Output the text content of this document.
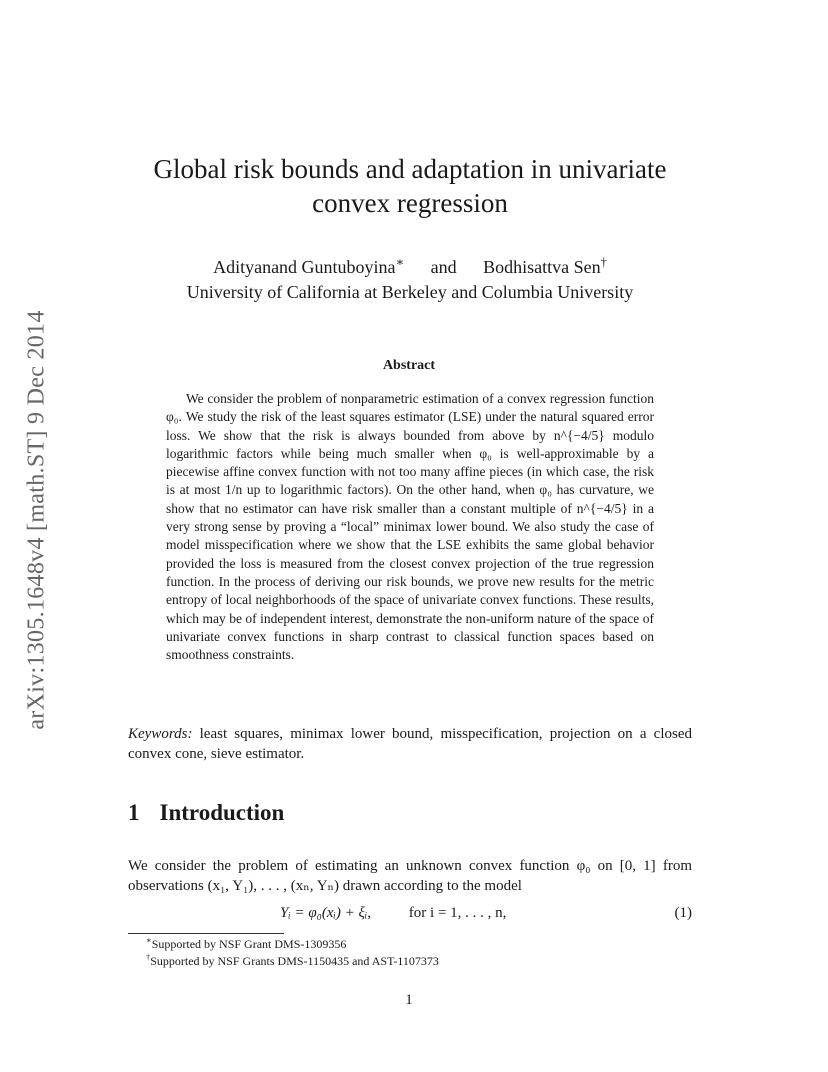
arXiv:1305.1648v4 [math.ST] 9 Dec 2014
Global risk bounds and adaptation in univariate
convex regression
Adityanand Guntuboyina∗ and Bodhisattva Sen†
University of California at Berkeley and Columbia University
Abstract
We consider the problem of nonparametric estimation of a convex regression function φ₀. We study the risk of the least squares estimator (LSE) under the natural squared error loss. We show that the risk is always bounded from above by n^{−4/5} modulo logarithmic factors while being much smaller when φ₀ is well-approximable by a piecewise affine convex function with not too many affine pieces (in which case, the risk is at most 1/n up to logarithmic factors). On the other hand, when φ₀ has curvature, we show that no estimator can have risk smaller than a constant multiple of n^{−4/5} in a very strong sense by proving a “local” minimax lower bound. We also study the case of model misspecification where we show that the LSE exhibits the same global behavior provided the loss is measured from the closest convex projection of the true regression function. In the process of deriving our risk bounds, we prove new results for the metric entropy of local neighborhoods of the space of univariate convex functions. These results, which may be of independent interest, demonstrate the non-uniform nature of the space of univariate convex functions in sharp contrast to classical function spaces based on smoothness constraints.
Keywords: least squares, minimax lower bound, misspecification, projection on a closed convex cone, sieve estimator.
1 Introduction
We consider the problem of estimating an unknown convex function φ₀ on [0, 1] from observations (x₁, Y₁), . . . , (xₙ, Yₙ) drawn according to the model
Yᵢ = φ₀(xᵢ) + ξᵢ,	for i = 1, . . . , n,	(1)
∗Supported by NSF Grant DMS-1309356
†Supported by NSF Grants DMS-1150435 and AST-1107373
1
